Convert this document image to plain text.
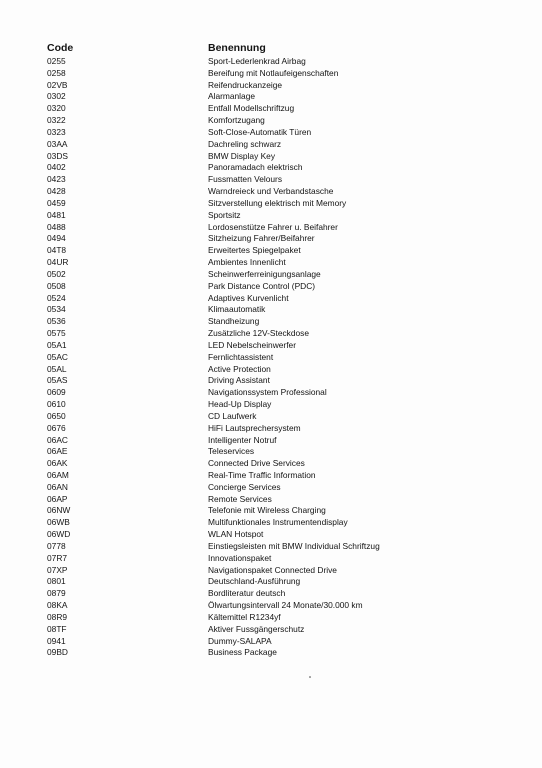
Code	Benennung
0255	Sport-Lederlenkrad Airbag
0258	Bereifung mit Notlaufeigenschaften
02VB	Reifendruckanzeige
0302	Alarmanlage
0320	Entfall Modellschriftzug
0322	Komfortzugang
0323	Soft-Close-Automatik Türen
03AA	Dachreling schwarz
03DS	BMW Display Key
0402	Panoramadach elektrisch
0423	Fussmatten Velours
0428	Warndreieck und Verbandstasche
0459	Sitzverstellung elektrisch mit Memory
0481	Sportsitz
0488	Lordosenstütze Fahrer u. Beifahrer
0494	Sitzheizung Fahrer/Beifahrer
04T8	Erweitertes Spiegelpaket
04UR	Ambientes Innenlicht
0502	Scheinwerferreinigungsanlage
0508	Park Distance Control (PDC)
0524	Adaptives Kurvenlicht
0534	Klimaautomatik
0536	Standheizung
0575	Zusätzliche 12V-Steckdose
05A1	LED Nebelscheinwerfer
05AC	Fernlichtassistent
05AL	Active Protection
05AS	Driving Assistant
0609	Navigationssystem Professional
0610	Head-Up Display
0650	CD Laufwerk
0676	HiFi Lautsprechersystem
06AC	Intelligenter Notruf
06AE	Teleservices
06AK	Connected Drive Services
06AM	Real-Time Traffic Information
06AN	Concierge Services
06AP	Remote Services
06NW	Telefonie mit Wireless Charging
06WB	Multifunktionales Instrumentendisplay
06WD	WLAN Hotspot
0778	Einstiegsleisten mit BMW Individual Schriftzug
07R7	Innovationspaket
07XP	Navigationspaket Connected Drive
0801	Deutschland-Ausführung
0879	Bordliteratur deutsch
08KA	Ölwartungsintervall 24 Monate/30.000 km
08R9	Kältemittel R1234yf
08TF	Aktiver Fussgängerschutz
0941	Dummy-SALAPA
09BD	Business Package
